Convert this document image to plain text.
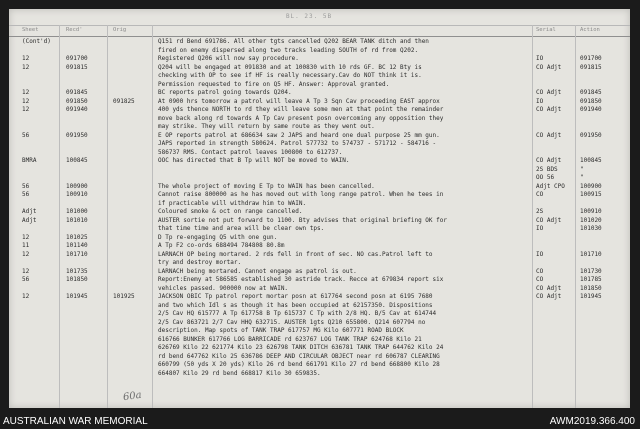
BL. 23. 5B
Sheet	Recd'	Orig	Serial	Action
(Cont'd)	Q151 rd Bend 691786. All other tgts cancelled Q202 BEAR TANK ditch and then
fired on enemy dispersed along two tracks leading SOUTH of rd from Q202.
12	091700	Registered Q206 will now say procedure.	IO	091700
12	091815	Q204 will be engaged at 091830 and at 100830 with 10 rds GF. BC 12 Bty is	CO Adjt	091815
checking with OP to see if HF is really necessary.Cav do NOT think it is.
Permission requested to fire on Q5 HF. Answer: Approval granted.
12	091845	BC reports patrol going towards Q204.	CO Adjt	091845
12	091850	091825	At 0900 hrs tomorrow a patrol will leave A Tp 3 Sqn Cav proceeding EAST approx	IO	091850
12	091940	400 yds thence NORTH to rd they will leave some men at that point the remainder	CO Adjt	091940
move back along rd towards A Tp Cav present posn overcoming any opposition they
may strike. They will return by same route as they went out.
56	091950	E OP reports patrol at 686634 saw 2 JAPS and heard one dual purpose 25 mm gun.	CO Adjt	091950
JAPS reported in strength 580624. Patrol 577732 to 574737 - 571712 - 584716 -
586737 RMS. Contact patrol leaves 100800 to 612737.
BMRA	100845	OOC has directed that B Tp will NOT be moved to WAIN.	CO Adjt	100845
2S BDS	"
OO 56	"
56	100900	The whole project of moving E Tp to WAIN has been cancelled.	Adjt CPO	100900
56	100910	Cannot raise 800000 as he has moved out with long range patrol. When he tees in	CO	100915
if practicable will withdraw him to WAIN.
Adjt	101000	Coloured smoke & oct on range cancelled.	2S	100910
Adjt	101010	AUSTER sortie not put forward to 1100. Bty advises that original briefing OK for	CO Adjt	101020
that time time and area will be clear own tps.	IO	101030
12	101025	D Tp re-engaging Q5 with one gun.
11	101140	A Tp F2 co-ords 688494 784808 80.8m
12	101710	LARNACH OP being mortared. 2 rds fell in front of sec. NO cas.Patrol left to	IO	101710
try and destroy mortar.
12	101735	LARNACH being mortared. Cannot engage as patrol is out.	CO	101730
56	101850	Report:Enemy at 586585 established 30 astride track. Recce at 679834 report six	CO	101785
vehicles passed. 900000 now at WAIN.	CO Adjt	101850
12	101945	101925	JACKSON OBIC Tp patrol report mortar posn at 617764 second posn at 6195 7680	CO Adjt	101945
and two which Idl s as though it has been occupied at 62157350. Dispositions
2/5 Cav HQ 615777 A Tp 617758 B Tp 615737 C Tp with 2/8 HQ. B/5 Cav at 614744
2/5 Cav 863721 2/7 Cav HHQ 632715. AUSTER 1gts Q210 655800. Q214 607794 no
description. Map spots of TANK TRAP 617757 MG Kilo 607771 ROAD BLOCK
616766 BUNKER 617766 LOG BARRICADE rd 623767 LOG TANK TRAP 624768 Kilo 21
626769 Kilo 22 621774 Kilo 23 626798 TANK DITCH 636781 TANK TRAP 644762 Kilo 24
rd bend 647762 Kilo 25 636786 DEEP AND CIRCULAR OBJECT near rd 606787 CLEARING
660799 (50 yds X 20 yds) Kilo 26 rd bend 661791 Kilo 27 rd bend 668800 Kilo 28
664807 Kilo 29 rd bend 668817 Kilo 30 659835.
60a
AUSTRALIAN WAR MEMORIAL	AWM2019.366.400
